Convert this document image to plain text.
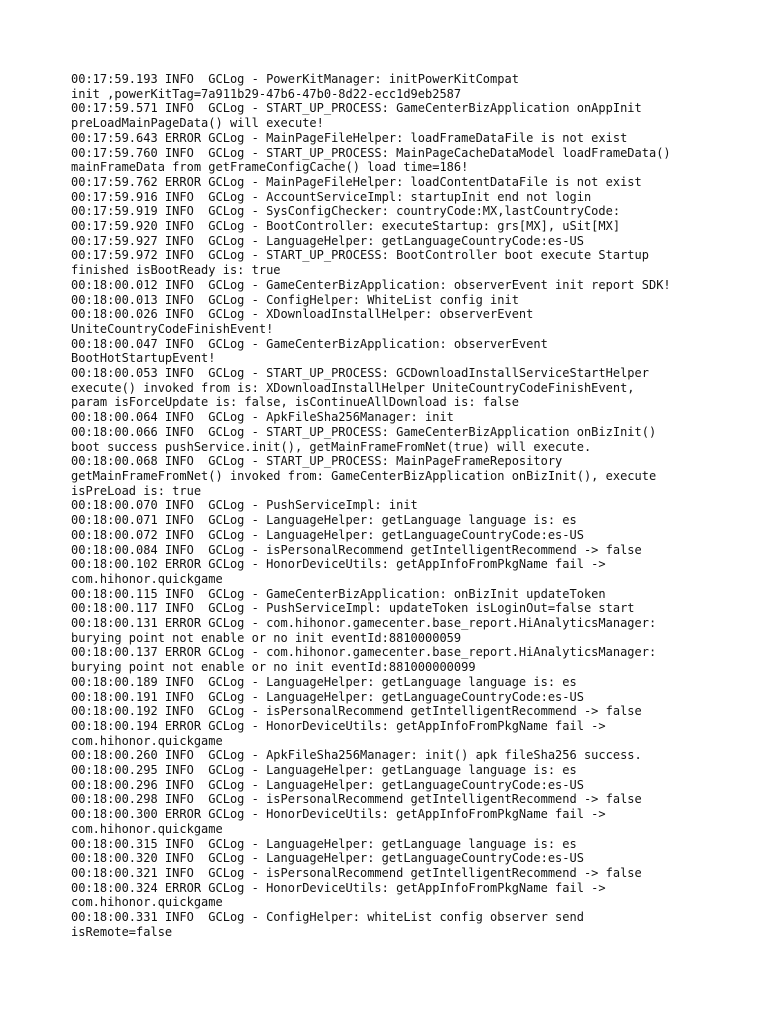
00:17:59.193 INFO  GCLog - PowerKitManager: initPowerKitCompat
init ,powerKitTag=7a911b29-47b6-47b0-8d22-ecc1d9eb2587
00:17:59.571 INFO  GCLog - START_UP_PROCESS: GameCenterBizApplication onAppInit
preLoadMainPageData() will execute!
00:17:59.643 ERROR GCLog - MainPageFileHelper: loadFrameDataFile is not exist
00:17:59.760 INFO  GCLog - START_UP_PROCESS: MainPageCacheDataModel loadFrameData()
mainFrameData from getFrameConfigCache() load time=186!
00:17:59.762 ERROR GCLog - MainPageFileHelper: loadContentDataFile is not exist
00:17:59.916 INFO  GCLog - AccountServiceImpl: startupInit end not login
00:17:59.919 INFO  GCLog - SysConfigChecker: countryCode:MX,lastCountryCode:
00:17:59.920 INFO  GCLog - BootController: executeStartup: grs[MX], uSit[MX]
00:17:59.927 INFO  GCLog - LanguageHelper: getLanguageCountryCode:es-US
00:17:59.972 INFO  GCLog - START_UP_PROCESS: BootController boot execute Startup
finished isBootReady is: true
00:18:00.012 INFO  GCLog - GameCenterBizApplication: observerEvent init report SDK!
00:18:00.013 INFO  GCLog - ConfigHelper: WhiteList config init
00:18:00.026 INFO  GCLog - XDownloadInstallHelper: observerEvent
UniteCountryCodeFinishEvent!
00:18:00.047 INFO  GCLog - GameCenterBizApplication: observerEvent
BootHotStartupEvent!
00:18:00.053 INFO  GCLog - START_UP_PROCESS: GCDownloadInstallServiceStartHelper
execute() invoked from is: XDownloadInstallHelper UniteCountryCodeFinishEvent,
param isForceUpdate is: false, isContinueAllDownload is: false
00:18:00.064 INFO  GCLog - ApkFileSha256Manager: init
00:18:00.066 INFO  GCLog - START_UP_PROCESS: GameCenterBizApplication onBizInit()
boot success pushService.init(), getMainFrameFromNet(true) will execute.
00:18:00.068 INFO  GCLog - START_UP_PROCESS: MainPageFrameRepository
getMainFrameFromNet() invoked from: GameCenterBizApplication onBizInit(), execute
isPreLoad is: true
00:18:00.070 INFO  GCLog - PushServiceImpl: init
00:18:00.071 INFO  GCLog - LanguageHelper: getLanguage language is: es
00:18:00.072 INFO  GCLog - LanguageHelper: getLanguageCountryCode:es-US
00:18:00.084 INFO  GCLog - isPersonalRecommend getIntelligentRecommend -> false
00:18:00.102 ERROR GCLog - HonorDeviceUtils: getAppInfoFromPkgName fail ->
com.hihonor.quickgame
00:18:00.115 INFO  GCLog - GameCenterBizApplication: onBizInit updateToken
00:18:00.117 INFO  GCLog - PushServiceImpl: updateToken isLoginOut=false start
00:18:00.131 ERROR GCLog - com.hihonor.gamecenter.base_report.HiAnalyticsManager:
burying point not enable or no init eventId:8810000059
00:18:00.137 ERROR GCLog - com.hihonor.gamecenter.base_report.HiAnalyticsManager:
burying point not enable or no init eventId:881000000099
00:18:00.189 INFO  GCLog - LanguageHelper: getLanguage language is: es
00:18:00.191 INFO  GCLog - LanguageHelper: getLanguageCountryCode:es-US
00:18:00.192 INFO  GCLog - isPersonalRecommend getIntelligentRecommend -> false
00:18:00.194 ERROR GCLog - HonorDeviceUtils: getAppInfoFromPkgName fail ->
com.hihonor.quickgame
00:18:00.260 INFO  GCLog - ApkFileSha256Manager: init() apk fileSha256 success.
00:18:00.295 INFO  GCLog - LanguageHelper: getLanguage language is: es
00:18:00.296 INFO  GCLog - LanguageHelper: getLanguageCountryCode:es-US
00:18:00.298 INFO  GCLog - isPersonalRecommend getIntelligentRecommend -> false
00:18:00.300 ERROR GCLog - HonorDeviceUtils: getAppInfoFromPkgName fail ->
com.hihonor.quickgame
00:18:00.315 INFO  GCLog - LanguageHelper: getLanguage language is: es
00:18:00.320 INFO  GCLog - LanguageHelper: getLanguageCountryCode:es-US
00:18:00.321 INFO  GCLog - isPersonalRecommend getIntelligentRecommend -> false
00:18:00.324 ERROR GCLog - HonorDeviceUtils: getAppInfoFromPkgName fail ->
com.hihonor.quickgame
00:18:00.331 INFO  GCLog - ConfigHelper: whiteList config observer send
isRemote=false
